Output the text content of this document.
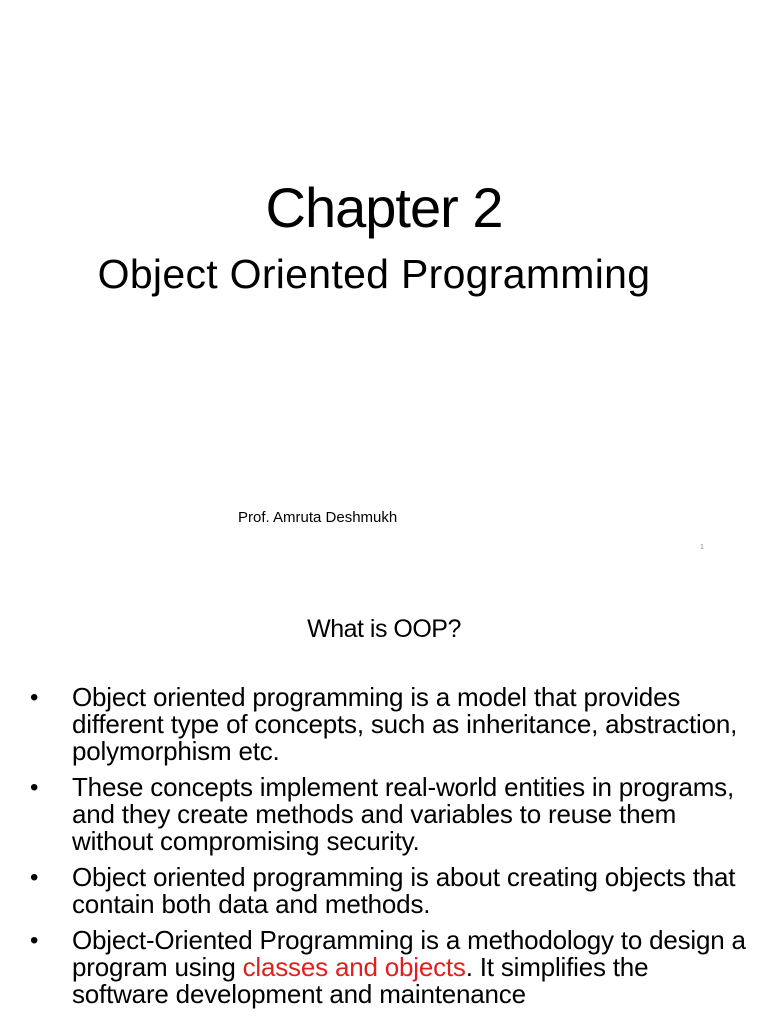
Chapter 2
Object Oriented Programming
Prof. Amruta Deshmukh
1
What is OOP?
• Object oriented programming is a model that provides different type of concepts, such as inheritance, abstraction, polymorphism etc.
• These concepts implement real-world entities in programs, and they create methods and variables to reuse them without compromising security.
• Object oriented programming is about creating objects that contain both data and methods.
• Object-Oriented Programming is a methodology to design a program using classes and objects. It simplifies the software development and maintenance
